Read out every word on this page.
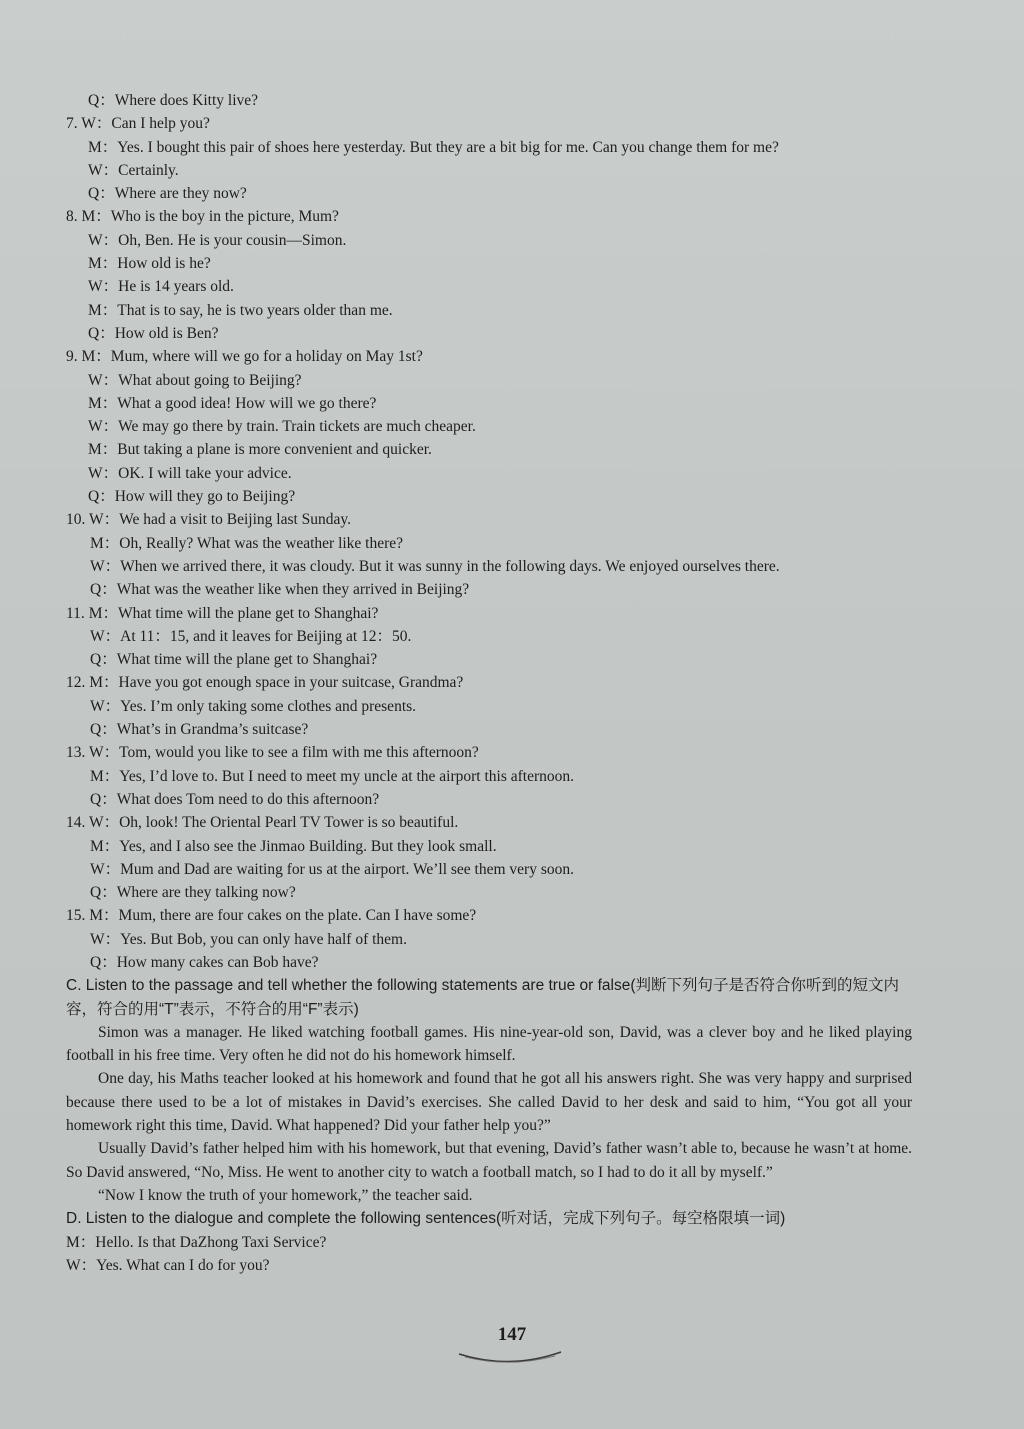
Q：Where does Kitty live?
7. W：Can I help you?
M：Yes. I bought this pair of shoes here yesterday. But they are a bit big for me. Can you change them for me?
W：Certainly.
Q：Where are they now?
8. M：Who is the boy in the picture, Mum?
W：Oh, Ben. He is your cousin—Simon.
M：How old is he?
W：He is 14 years old.
M：That is to say, he is two years older than me.
Q：How old is Ben?
9. M：Mum, where will we go for a holiday on May 1st?
W：What about going to Beijing?
M：What a good idea! How will we go there?
W：We may go there by train. Train tickets are much cheaper.
M：But taking a plane is more convenient and quicker.
W：OK. I will take your advice.
Q：How will they go to Beijing?
10. W：We had a visit to Beijing last Sunday.
M：Oh, Really? What was the weather like there?
W：When we arrived there, it was cloudy. But it was sunny in the following days. We enjoyed ourselves there.
Q：What was the weather like when they arrived in Beijing?
11. M：What time will the plane get to Shanghai?
W：At 11：15, and it leaves for Beijing at 12：50.
Q：What time will the plane get to Shanghai?
12. M：Have you got enough space in your suitcase, Grandma?
W：Yes. I’m only taking some clothes and presents.
Q：What’s in Grandma’s suitcase?
13. W：Tom, would you like to see a film with me this afternoon?
M：Yes, I’d love to. But I need to meet my uncle at the airport this afternoon.
Q：What does Tom need to do this afternoon?
14. W：Oh, look! The Oriental Pearl TV Tower is so beautiful.
M：Yes, and I also see the Jinmao Building. But they look small.
W：Mum and Dad are waiting for us at the airport. We’ll see them very soon.
Q：Where are they talking now?
15. M：Mum, there are four cakes on the plate. Can I have some?
W：Yes. But Bob, you can only have half of them.
Q：How many cakes can Bob have?
C. Listen to the passage and tell whether the following statements are true or false(判断下列句子是否符合你听到的短文内容，符合的用“T”表示，不符合的用“F”表示)
Simon was a manager. He liked watching football games. His nine-year-old son, David, was a clever boy and he liked playing football in his free time. Very often he did not do his homework himself.
One day, his Maths teacher looked at his homework and found that he got all his answers right. She was very happy and surprised because there used to be a lot of mistakes in David’s exercises. She called David to her desk and said to him, “You got all your homework right this time, David. What happened? Did your father help you?”
Usually David’s father helped him with his homework, but that evening, David’s father wasn’t able to, because he wasn’t at home. So David answered, “No, Miss. He went to another city to watch a football match, so I had to do it all by myself.”
“Now I know the truth of your homework,” the teacher said.
D. Listen to the dialogue and complete the following sentences(听对话，完成下列句子。每空格限填一词)
M：Hello. Is that DaZhong Taxi Service?
W：Yes. What can I do for you?
147
